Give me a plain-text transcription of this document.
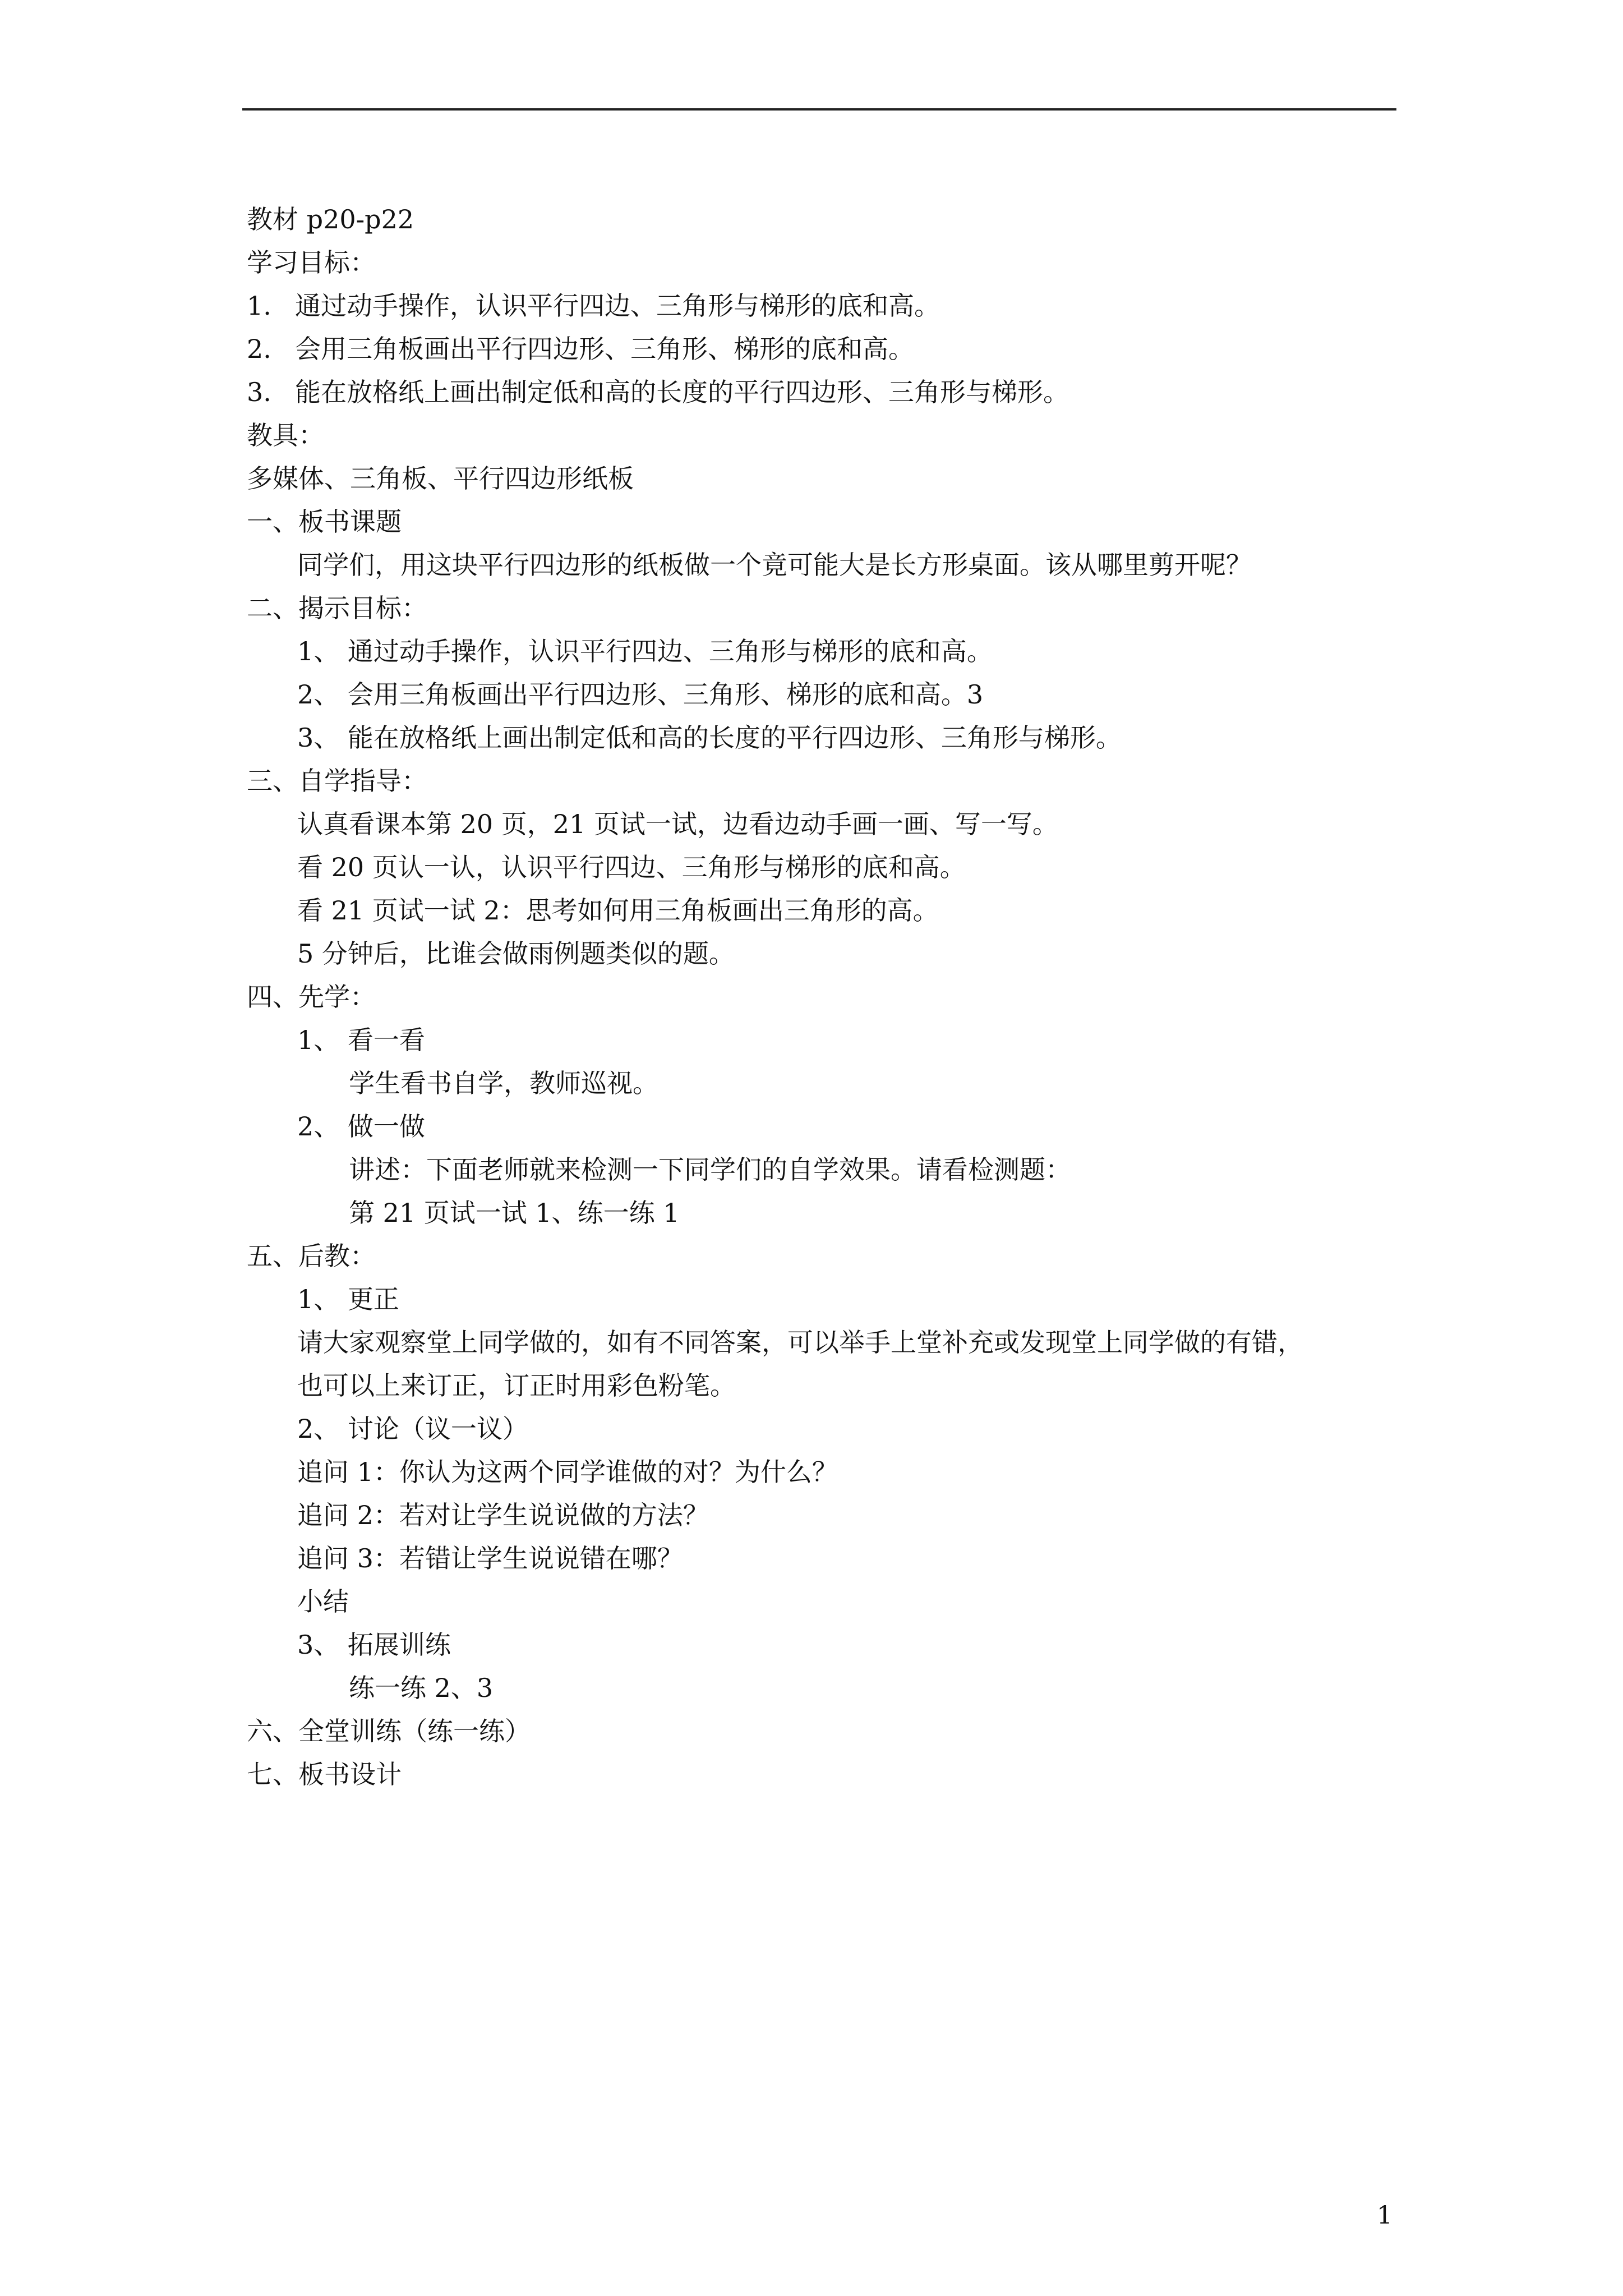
教材 p20-p22
学习目标：
1. 通过动手操作，认识平行四边、三角形与梯形的底和高。
2. 会用三角板画出平行四边形、三角形、梯形的底和高。
3. 能在放格纸上画出制定低和高的长度的平行四边形、三角形与梯形。
教具：
多媒体、三角板、平行四边形纸板
一、板书课题
同学们，用这块平行四边形的纸板做一个竟可能大是长方形桌面。该从哪里剪开呢？
二、揭示目标：
1、 通过动手操作，认识平行四边、三角形与梯形的底和高。
2、 会用三角板画出平行四边形、三角形、梯形的底和高。3
3、 能在放格纸上画出制定低和高的长度的平行四边形、三角形与梯形。
三、自学指导：
认真看课本第 20 页，21 页试一试，边看边动手画一画、写一写。
看 20 页认一认，认识平行四边、三角形与梯形的底和高。
看 21 页试一试 2：思考如何用三角板画出三角形的高。
5 分钟后，比谁会做雨例题类似的题。
四、先学：
1、 看一看
学生看书自学，教师巡视。
2、 做一做
讲述：下面老师就来检测一下同学们的自学效果。请看检测题：
第 21 页试一试 1、练一练 1
五、后教：
1、 更正
请大家观察堂上同学做的，如有不同答案，可以举手上堂补充或发现堂上同学做的有错，
也可以上来订正，订正时用彩色粉笔。
2、 讨论（议一议）
追问 1：你认为这两个同学谁做的对？为什么？
追问 2：若对让学生说说做的方法？
追问 3：若错让学生说说错在哪？
小结
3、 拓展训练
练一练 2、3
六、全堂训练（练一练）
七、板书设计
1
